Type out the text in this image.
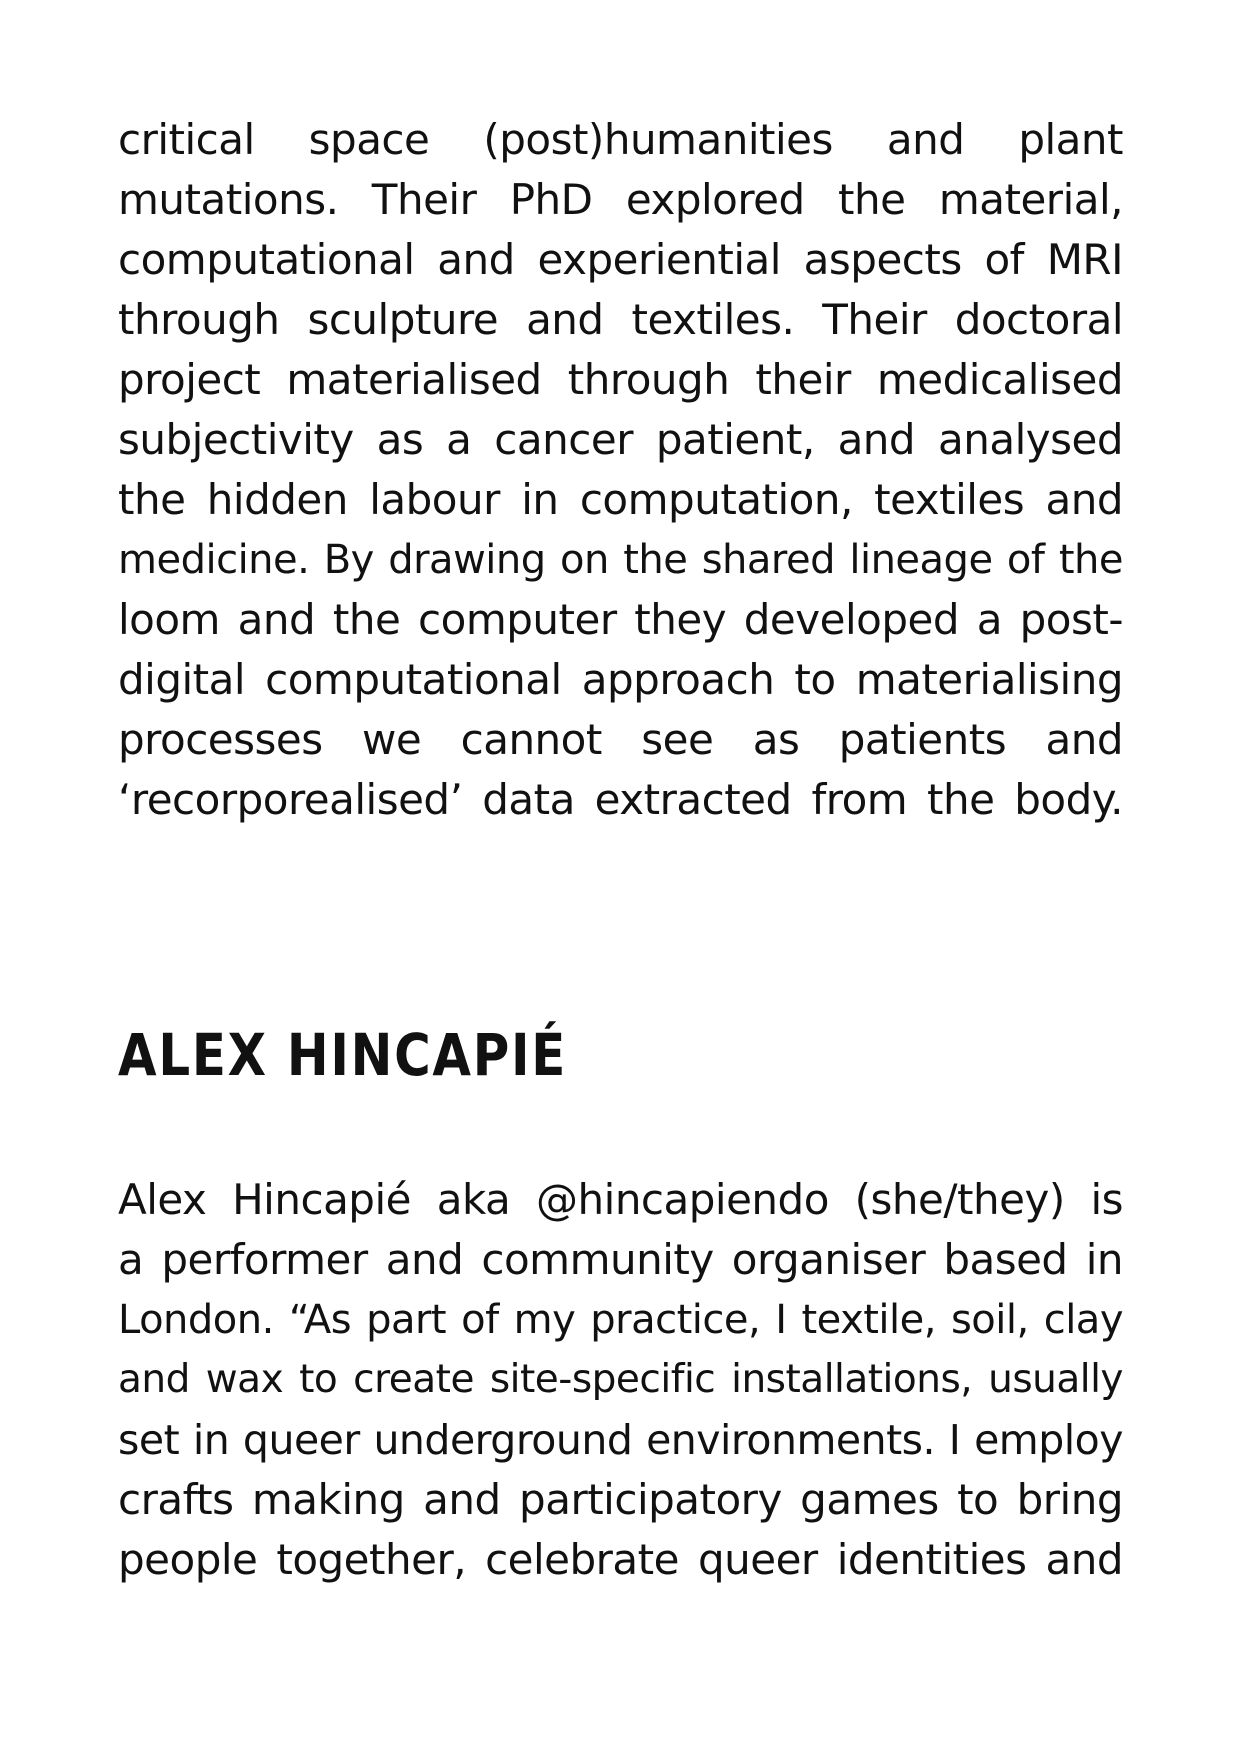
critical space (post)humanities and plant
mutations. Their PhD explored the material,
computational and experiential aspects of MRI
through sculpture and textiles. Their doctoral
project materialised through their medicalised
subjectivity as a cancer patient, and analysed
the hidden labour in computation, textiles and
medicine. By drawing on the shared lineage of the
loom and the computer they developed a post-
digital computational approach to materialising
processes we cannot see as patients and
‘recorporealised’ data extracted from the body.
ALEX HINCAPIÉ
Alex Hincapié aka @hincapiendo (she/they) is
a performer and community organiser based in
London. “As part of my practice, I textile, soil, clay
and wax to create site-specific installations, usually
set in queer underground environments. I employ
crafts making and participatory games to bring
people together, celebrate queer identities and
